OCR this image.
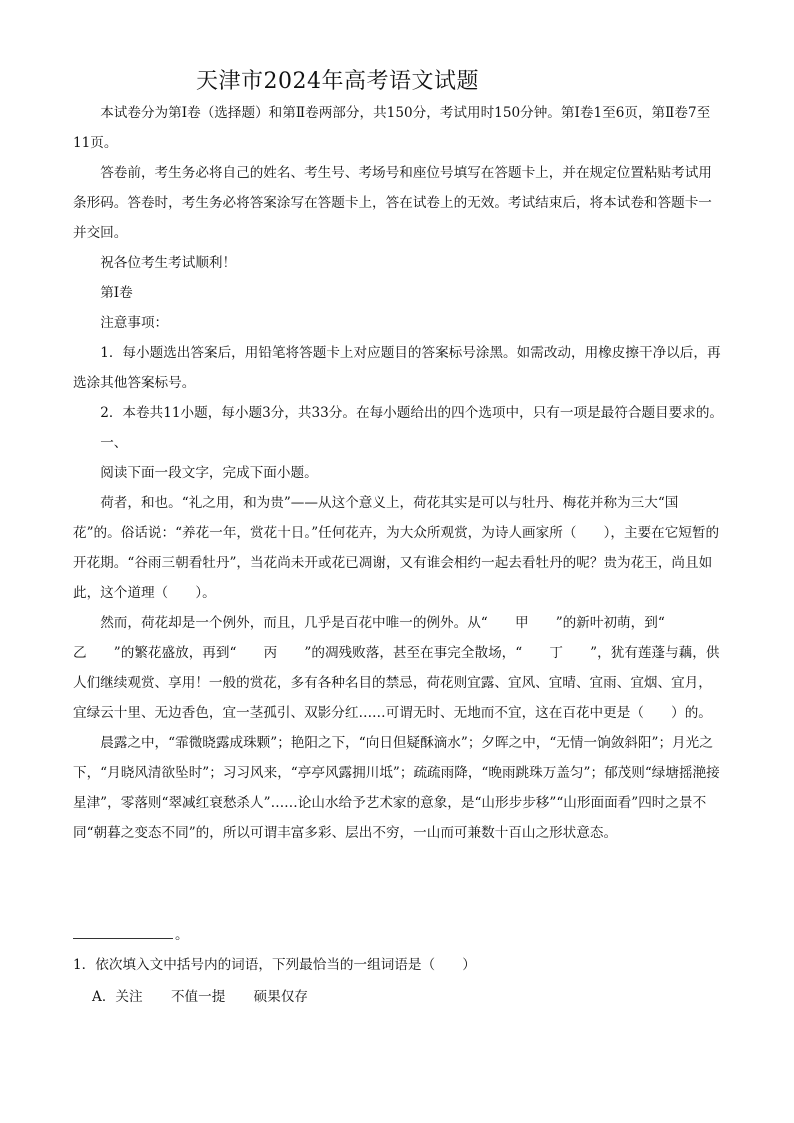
天津市2024年高考语文试题

本试卷分为第Ⅰ卷（选择题）和第Ⅱ卷两部分，共150分，考试用时150分钟。第Ⅰ卷1至6页，第Ⅱ卷7至11页。

答卷前，考生务必将自己的姓名、考生号、考场号和座位号填写在答题卡上，并在规定位置粘贴考试用条形码。答卷时，考生务必将答案涂写在答题卡上，答在试卷上的无效。考试结束后，将本试卷和答题卡一并交回。

祝各位考生考试顺利！

第Ⅰ卷

注意事项：

1．每小题选出答案后，用铅笔将答题卡上对应题目的答案标号涂黑。如需改动，用橡皮擦干净以后，再选涂其他答案标号。

2．本卷共11小题，每小题3分，共33分。在每小题给出的四个选项中，只有一项是最符合题目要求的。

一、

阅读下面一段文字，完成下面小题。

荷者，和也。“礼之用，和为贵”——从这个意义上，荷花其实是可以与牡丹、梅花并称为三大“国花”的。俗话说：“养花一年，赏花十日。”任何花卉，为大众所观赏，为诗人画家所（　　），主要在它短暂的开花期。“谷雨三朝看牡丹”，当花尚未开或花已凋谢，又有谁会相约一起去看牡丹的呢？贵为花王，尚且如此，这个道理（　　）。

然而，荷花却是一个例外，而且，几乎是百花中唯一的例外。从“　　甲　　”的新叶初萌，到“　　乙　　”的繁花盛放，再到“　　丙　　”的凋残败落，甚至在事完全散场，“　　丁　　”，犹有莲蓬与藕，供人们继续观赏、享用！一般的赏花，多有各种名目的禁忌，荷花则宜露、宜风、宜晴、宜雨、宜烟、宜月，宜绿云十里、无边香色，宜一茎孤引、双影分红……可谓无时、无地而不宜，这在百花中更是（　　）的。

晨露之中，“霏微晓露成珠颗”；艳阳之下，“向日但疑酥滴水”；夕晖之中，“无情一饷敛斜阳”；月光之下，“月晓风清欲坠时”；习习风来，“亭亭风露拥川坻”；疏疏雨降，“晚雨跳珠万盖匀”；郁茂则“绿塘摇滟接星津”，零落则“翠减红衰愁杀人”……论山水给予艺术家的意象，是“山形步步移”“山形面面看”四时之景不同“朝暮之变态不同”的，所以可谓丰富多彩、层出不穷，一山而可兼数十百山之形状意态。

。
1．依次填入文中括号内的词语，下列最恰当的一组词语是（　　）
A．关注 不值一提 硕果仅存
